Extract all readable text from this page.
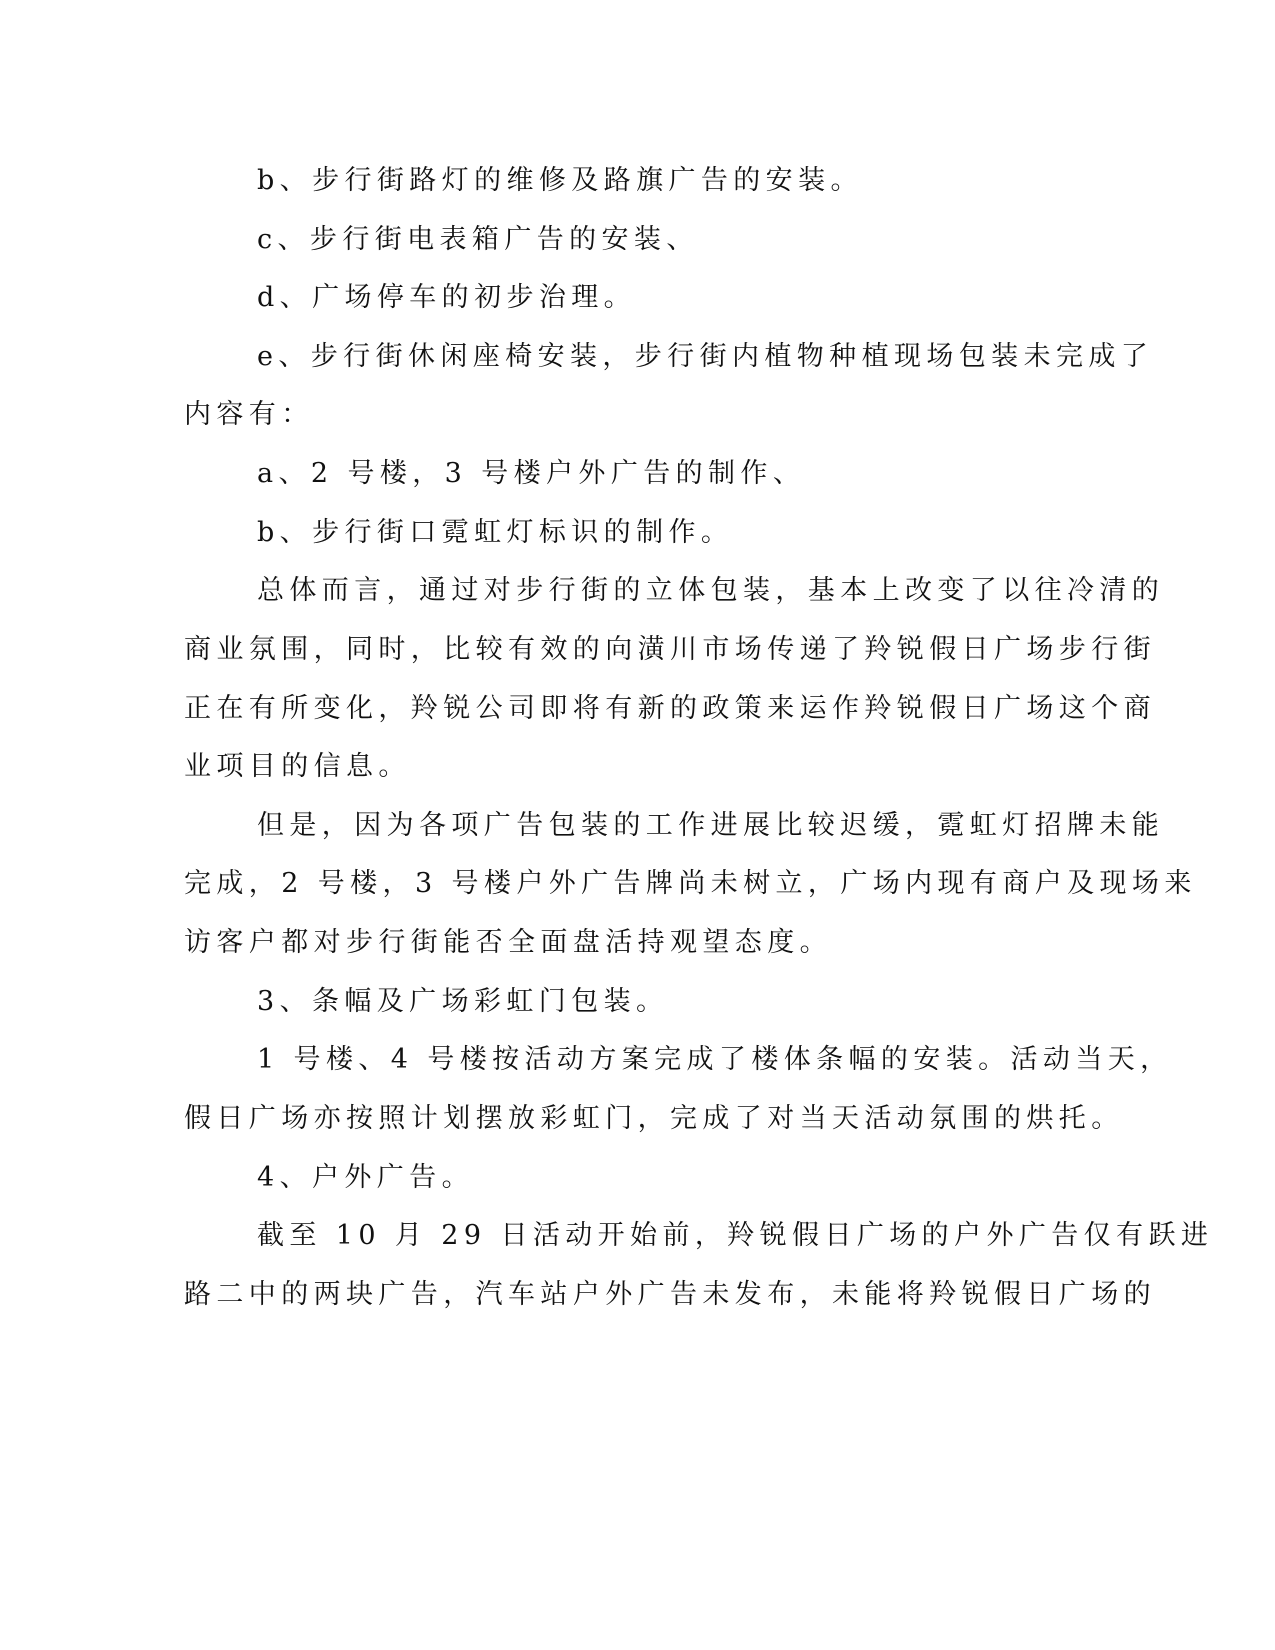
b、步行街路灯的维修及路旗广告的安装。

c、步行街电表箱广告的安装、

d、广场停车的初步治理。

e、步行街休闲座椅安装，步行街内植物种植现场包装未完成了

内容有：

a、2 号楼，3 号楼户外广告的制作、

b、步行街口霓虹灯标识的制作。

总体而言，通过对步行街的立体包装，基本上改变了以往冷清的

商业氛围，同时，比较有效的向潢川市场传递了羚锐假日广场步行街

正在有所变化，羚锐公司即将有新的政策来运作羚锐假日广场这个商

业项目的信息。

但是，因为各项广告包装的工作进展比较迟缓，霓虹灯招牌未能

完成，2 号楼，3 号楼户外广告牌尚未树立，广场内现有商户及现场来

访客户都对步行街能否全面盘活持观望态度。

3、条幅及广场彩虹门包装。

1 号楼、4 号楼按活动方案完成了楼体条幅的安装。活动当天，

假日广场亦按照计划摆放彩虹门，完成了对当天活动氛围的烘托。

4、户外广告。

截至 10 月 29 日活动开始前，羚锐假日广场的户外广告仅有跃进

路二中的两块广告，汽车站户外广告未发布，未能将羚锐假日广场的
